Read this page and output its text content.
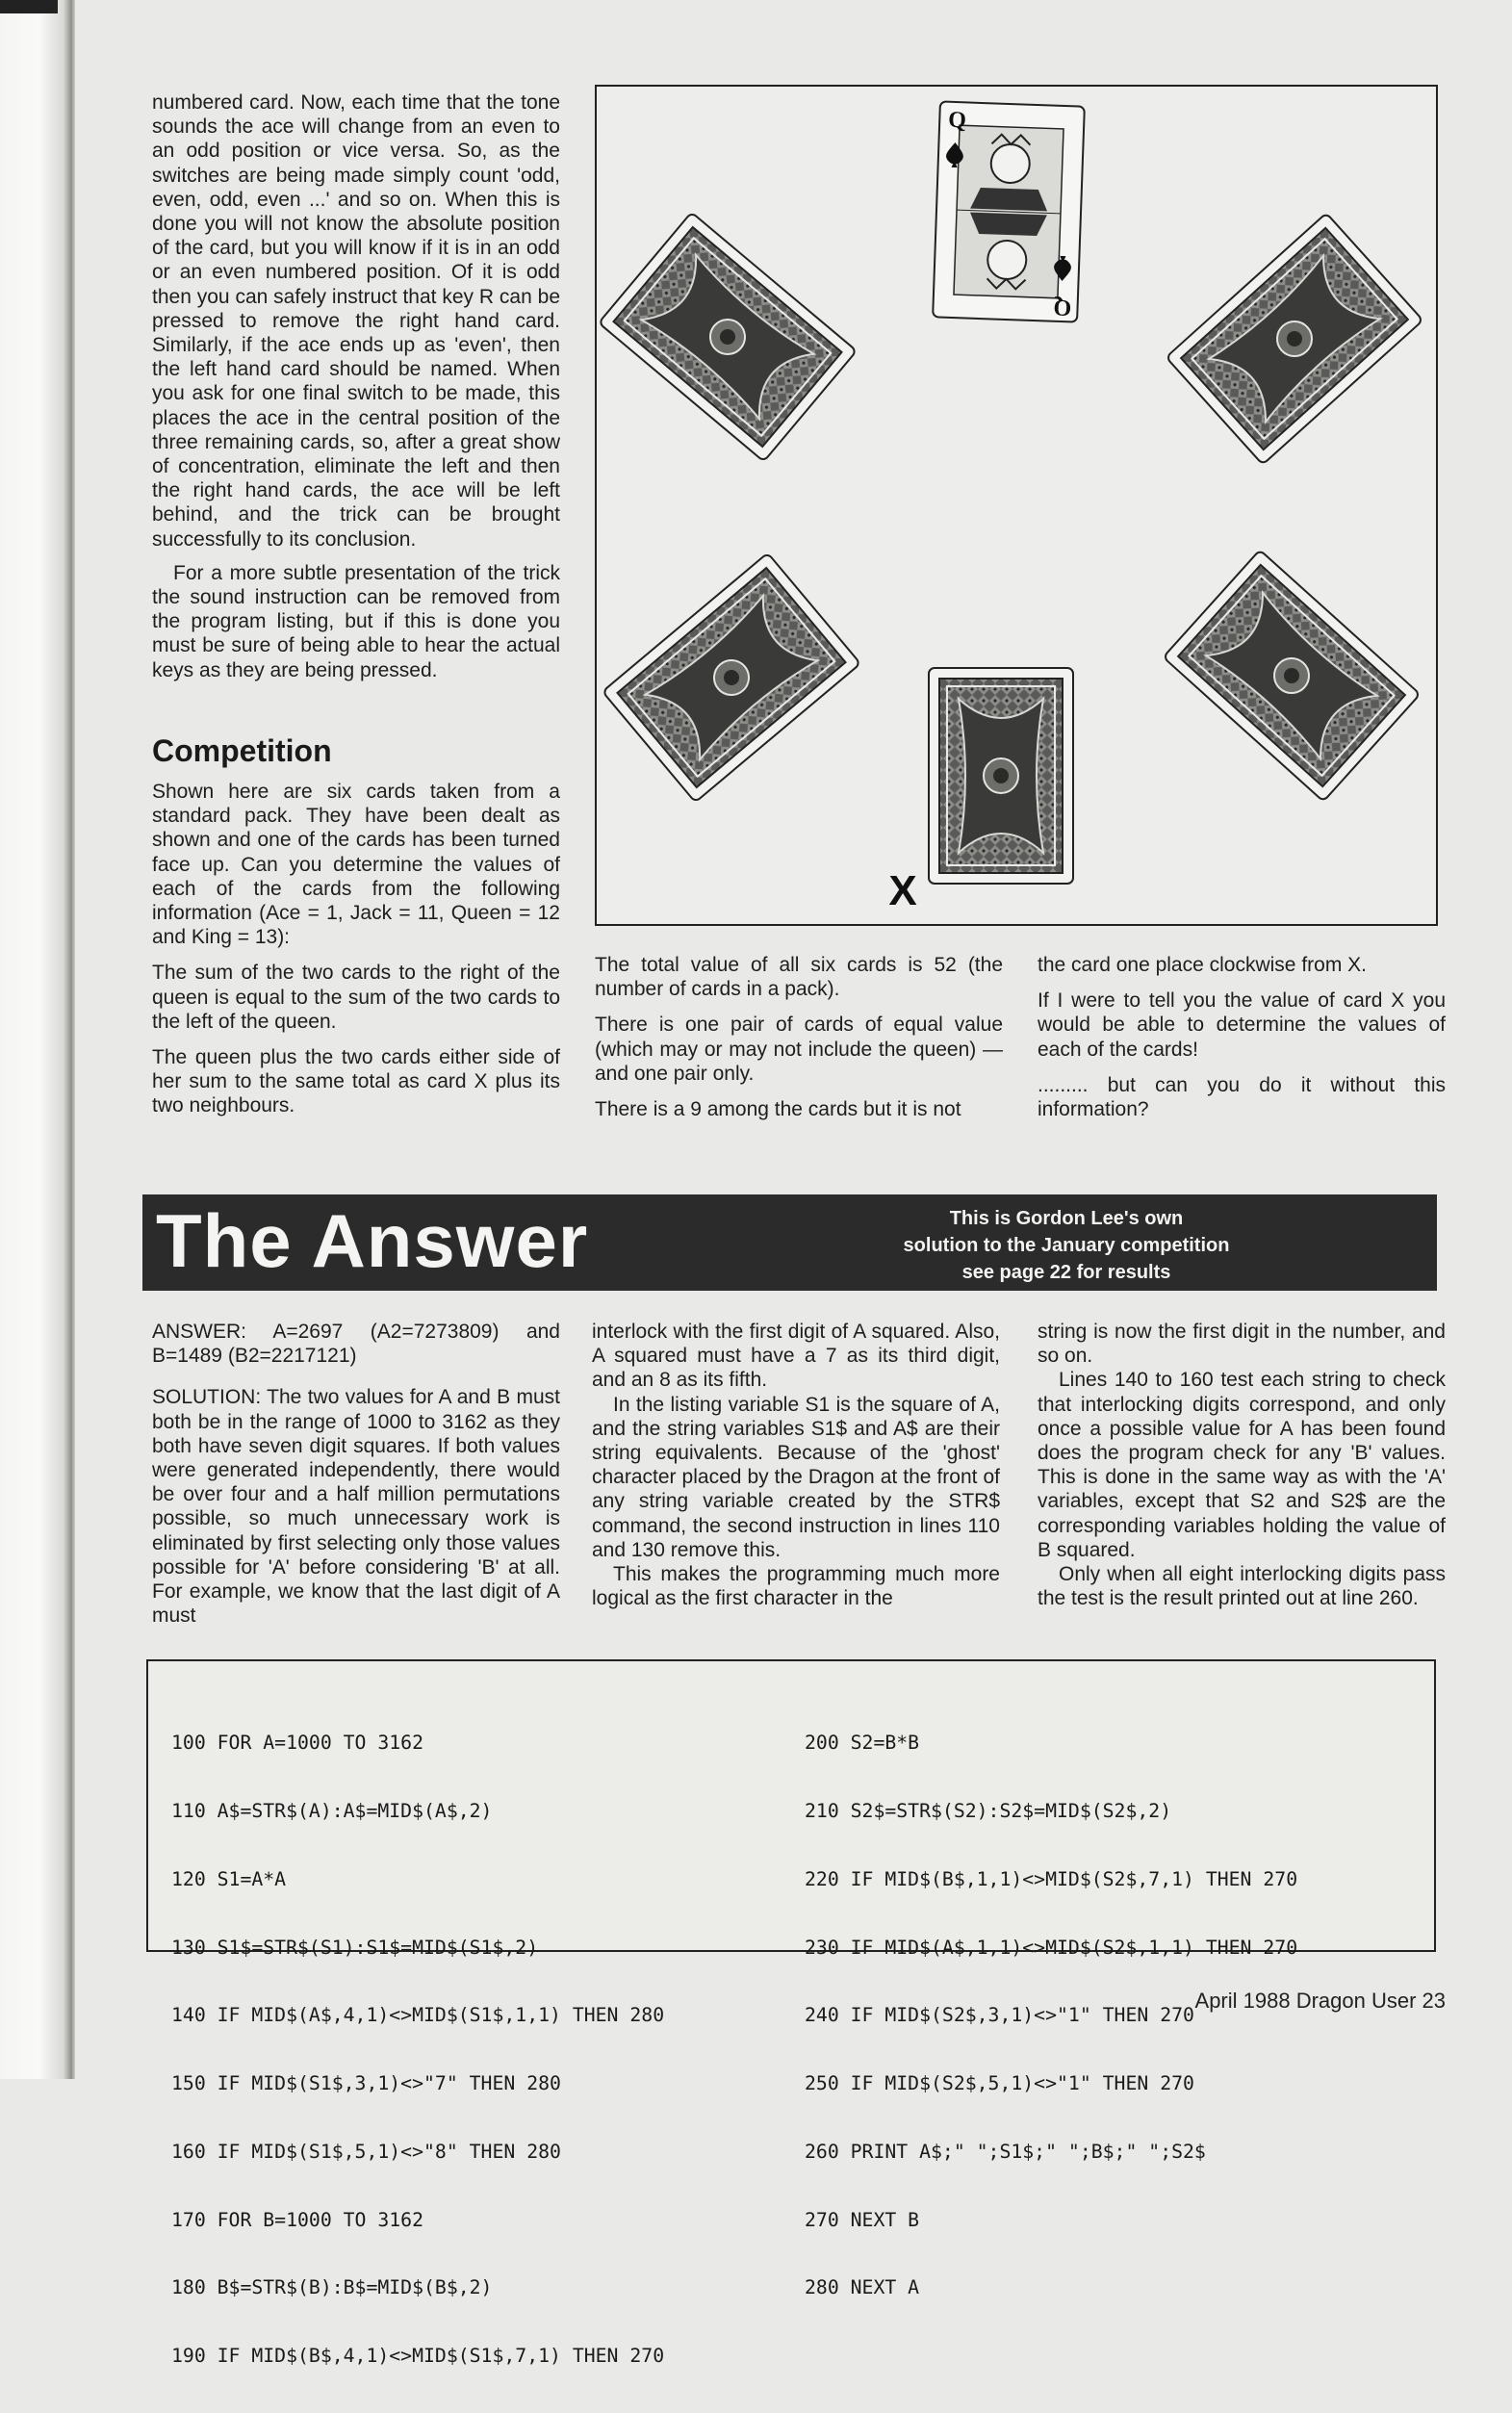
numbered card. Now, each time that the tone sounds the ace will change from an even to an odd position or vice versa. So, as the switches are being made simply count 'odd, even, odd, even ...' and so on. When this is done you will not know the absolute position of the card, but you will know if it is in an odd or an even numbered position. Of it is odd then you can safely instruct that key R can be pressed to remove the right hand card. Similarly, if the ace ends up as 'even', then the left hand card should be named. When you ask for one final switch to be made, this places the ace in the central position of the three remaining cards, so, after a great show of concentration, eliminate the left and then the right hand cards, the ace will be left behind, and the trick can be brought successfully to its conclusion.

For a more subtle presentation of the trick the sound instruction can be removed from the program listing, but if this is done you must be sure of being able to hear the actual keys as they are being pressed.

Competition

Shown here are six cards taken from a standard pack. They have been dealt as shown and one of the cards has been turned face up. Can you determine the values of each of the cards from the following information (Ace = 1, Jack = 11, Queen = 12 and King = 13):

The sum of the two cards to the right of the queen is equal to the sum of the two cards to the left of the queen.

The queen plus the two cards either side of her sum to the same total as card X plus its two neighbours.

Q
Q
X

The total value of all six cards is 52 (the number of cards in a pack).

There is one pair of cards of equal value (which may or may not include the queen) — and one pair only.

There is a 9 among the cards but it is not

the card one place clockwise from X.

If I were to tell you the value of card X you would be able to determine the values of each of the cards!

......... but can you do it without this information?

The Answer	This is Gordon Lee's own
solution to the January competition
see page 22 for results

ANSWER: A=2697 (A2=7273809) and B=1489 (B2=2217121)

SOLUTION: The two values for A and B must both be in the range of 1000 to 3162 as they both have seven digit squares. If both values were generated independently, there would be over four and a half million permutations possible, so much unnecessary work is eliminated by first selecting only those values possible for 'A' before considering 'B' at all. For example, we know that the last digit of A must

interlock with the first digit of A squared. Also, A squared must have a 7 as its third digit, and an 8 as its fifth.

In the listing variable S1 is the square of A, and the string variables S1$ and A$ are their string equivalents. Because of the 'ghost' character placed by the Dragon at the front of any string variable created by the STR$ command, the second instruction in lines 110 and 130 remove this.

This makes the programming much more logical as the first character in the

string is now the first digit in the number, and so on.

Lines 140 to 160 test each string to check that interlocking digits correspond, and only once a possible value for A has been found does the program check for any 'B' values. This is done in the same way as with the 'A' variables, except that S2 and S2$ are the corresponding variables holding the value of B squared.

Only when all eight interlocking digits pass the test is the result printed out at line 260.

100 FOR A=1000 TO 3162

110 A$=STR$(A):A$=MID$(A$,2)

120 S1=A*A

130 S1$=STR$(S1):S1$=MID$(S1$,2)

140 IF MID$(A$,4,1)<>MID$(S1$,1,1) THEN 280

150 IF MID$(S1$,3,1)<>"7" THEN 280

160 IF MID$(S1$,5,1)<>"8" THEN 280

170 FOR B=1000 TO 3162

180 B$=STR$(B):B$=MID$(B$,2)

190 IF MID$(B$,4,1)<>MID$(S1$,7,1) THEN 270

200 S2=B*B

210 S2$=STR$(S2):S2$=MID$(S2$,2)

220 IF MID$(B$,1,1)<>MID$(S2$,7,1) THEN 270

230 IF MID$(A$,1,1)<>MID$(S2$,1,1) THEN 270

240 IF MID$(S2$,3,1)<>"1" THEN 270

250 IF MID$(S2$,5,1)<>"1" THEN 270

260 PRINT A$;" ";S1$;" ";B$;" ";S2$

270 NEXT B

280 NEXT A

April 1988 Dragon User 23
